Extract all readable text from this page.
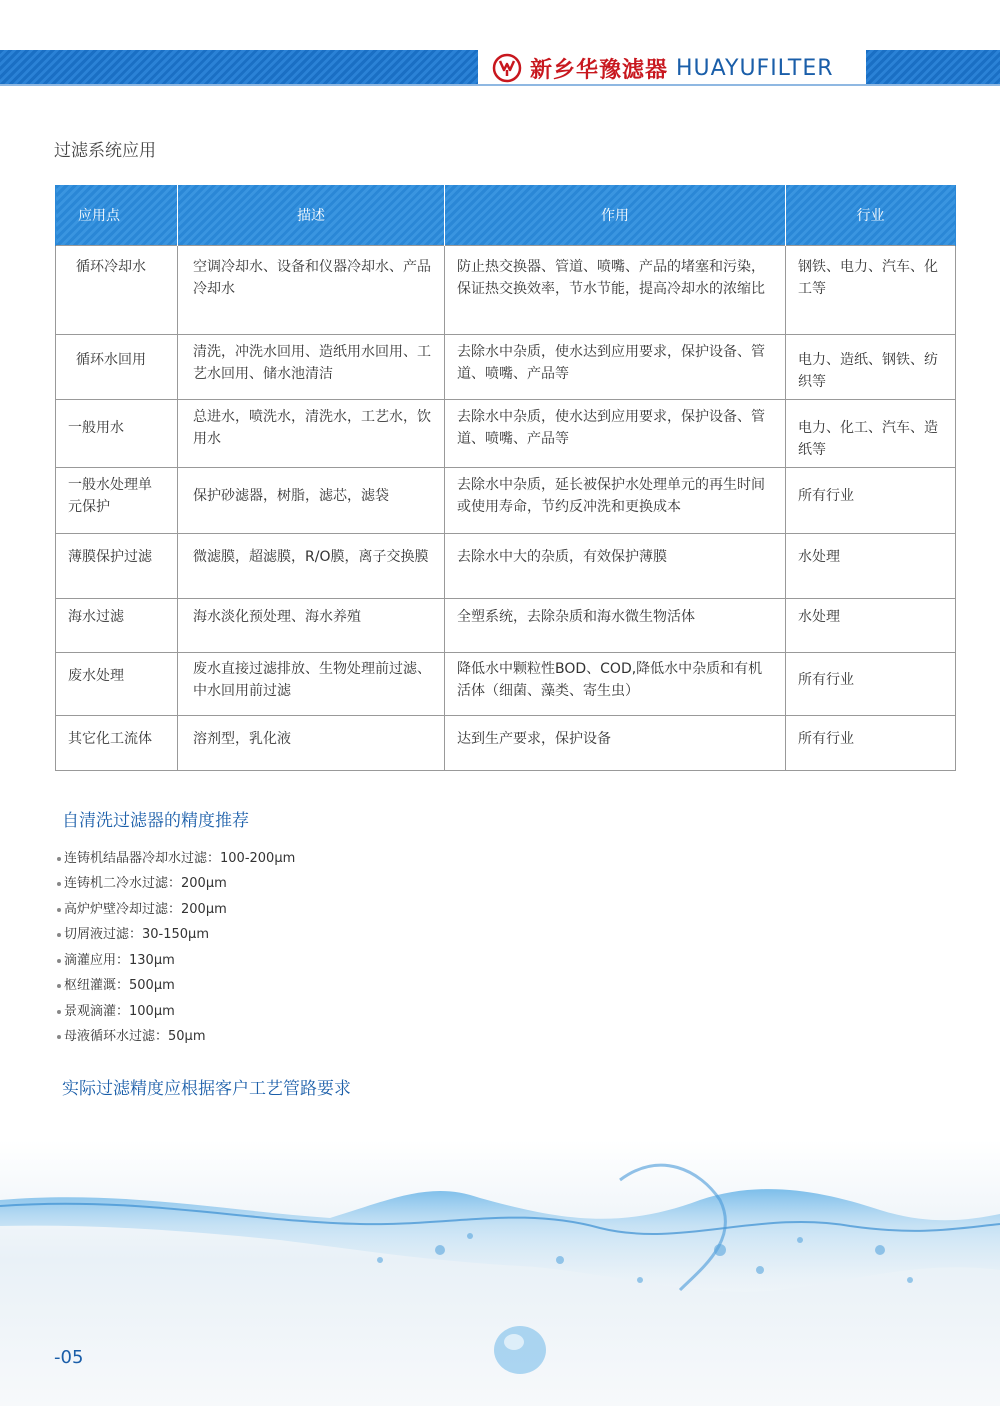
新乡华豫滤器 HUAYUFILTER
过滤系统应用
应用点	描述	作用	行业
循环冷却水	空调冷却水、设备和仪器冷却水、产品冷却水	防止热交换器、管道、喷嘴、产品的堵塞和污染，保证热交换效率，节水节能，提高冷却水的浓缩比	钢铁、电力、汽车、化工等
循环水回用	清洗，冲洗水回用、造纸用水回用、工艺水回用、储水池清洁	去除水中杂质，使水达到应用要求，保护设备、管道、喷嘴、产品等	电力、造纸、钢铁、纺织等
一般用水	总进水，喷洗水，清洗水，工艺水，饮用水	去除水中杂质，使水达到应用要求，保护设备、管道、喷嘴、产品等	电力、化工、汽车、造纸等
一般水处理单元保护	保护砂滤器，树脂，滤芯，滤袋	去除水中杂质，延长被保护水处理单元的再生时间或使用寿命，节约反冲洗和更换成本	所有行业
薄膜保护过滤	微滤膜，超滤膜，R/O膜，离子交换膜	去除水中大的杂质，有效保护薄膜	水处理
海水过滤	海水淡化预处理、海水养殖	全塑系统，去除杂质和海水微生物活体	水处理
废水处理	废水直接过滤排放、生物处理前过滤、中水回用前过滤	降低水中颗粒性BOD、COD,降低水中杂质和有机活体（细菌、藻类、寄生虫）	所有行业
其它化工流体	溶剂型，乳化液	达到生产要求，保护设备	所有行业
自清洗过滤器的精度推荐
连铸机结晶器冷却水过滤：100-200μm
连铸机二冷水过滤：200μm
高炉炉壁冷却过滤：200μm
切屑液过滤：30-150μm
滴灌应用：130μm
枢纽灌溉：500μm
景观滴灌：100μm
母液循环水过滤：50μm
实际过滤精度应根据客户工艺管路要求
-05
